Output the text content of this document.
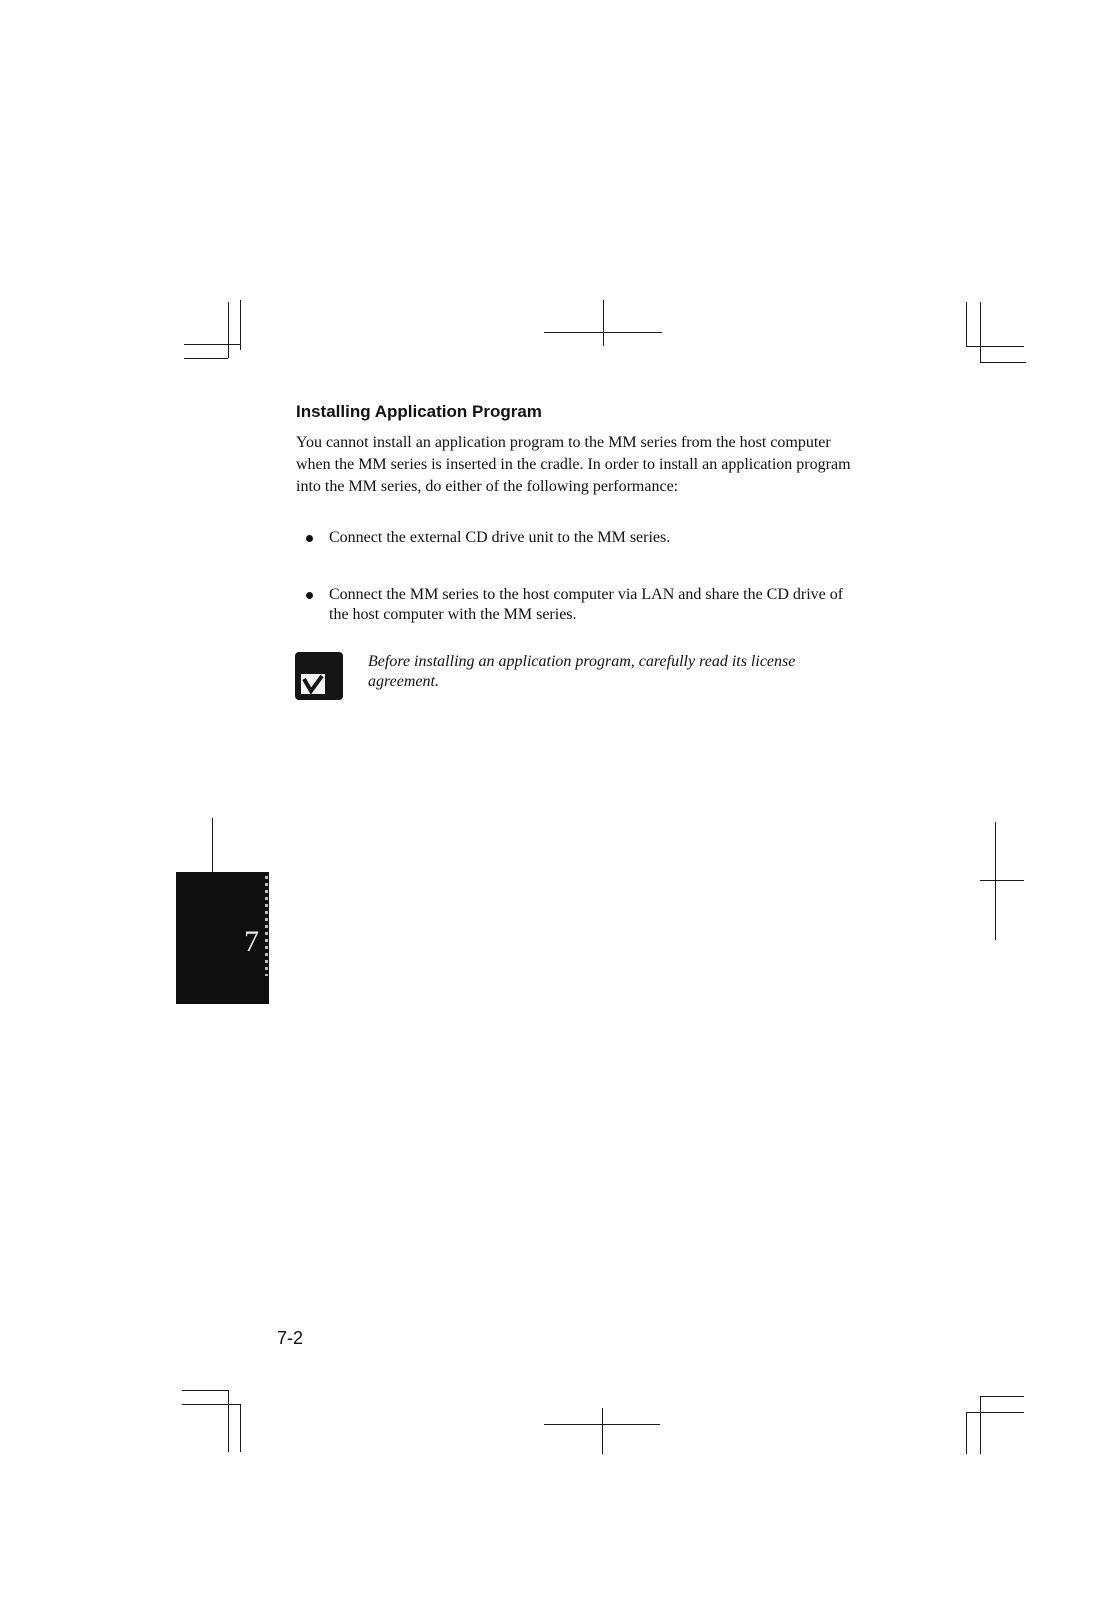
Installing Application Program
You cannot install an application program to the MM series from the host computer
when the MM series is inserted in the cradle. In order to install an application program
into the MM series, do either of the following performance:
Connect the external CD drive unit to the MM series.
Connect the MM series to the host computer via LAN and share the CD drive of
the host computer with the MM series.
Before installing an application program, carefully read its license
agreement.
7
7-2
